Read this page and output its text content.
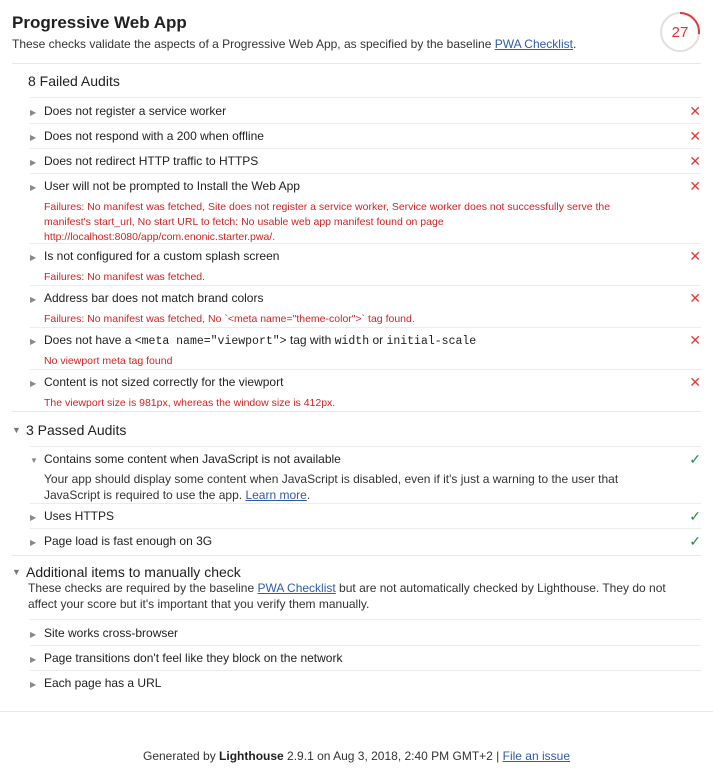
Progressive Web App
These checks validate the aspects of a Progressive Web App, as specified by the baseline PWA Checklist.
27
8 Failed Audits
▶ Does not register a service worker	✕
▶ Does not respond with a 200 when offline	✕
▶ Does not redirect HTTP traffic to HTTPS	✕
▶ User will not be prompted to Install the Web App	✕
Failures: No manifest was fetched, Site does not register a service worker, Service worker does not successfully serve the manifest's start_url, No start URL to fetch: No usable web app manifest found on page http://localhost:8080/app/com.enonic.starter.pwa/.
▶ Is not configured for a custom splash screen	✕
Failures: No manifest was fetched.
▶ Address bar does not match brand colors	✕
Failures: No manifest was fetched, No `<meta name="theme-color">` tag found.
▶ Does not have a <meta name="viewport"> tag with width or initial-scale	✕
No viewport meta tag found
▶ Content is not sized correctly for the viewport	✕
The viewport size is 981px, whereas the window size is 412px.
▼ 3 Passed Audits
▼ Contains some content when JavaScript is not available	✓
Your app should display some content when JavaScript is disabled, even if it's just a warning to the user that JavaScript is required to use the app. Learn more.
▶ Uses HTTPS	✓
▶ Page load is fast enough on 3G	✓
▼ Additional items to manually check
These checks are required by the baseline PWA Checklist but are not automatically checked by Lighthouse. They do not affect your score but it's important that you verify them manually.
▶ Site works cross-browser
▶ Page transitions don't feel like they block on the network
▶ Each page has a URL
Generated by Lighthouse 2.9.1 on Aug 3, 2018, 2:40 PM GMT+2 | File an issue
